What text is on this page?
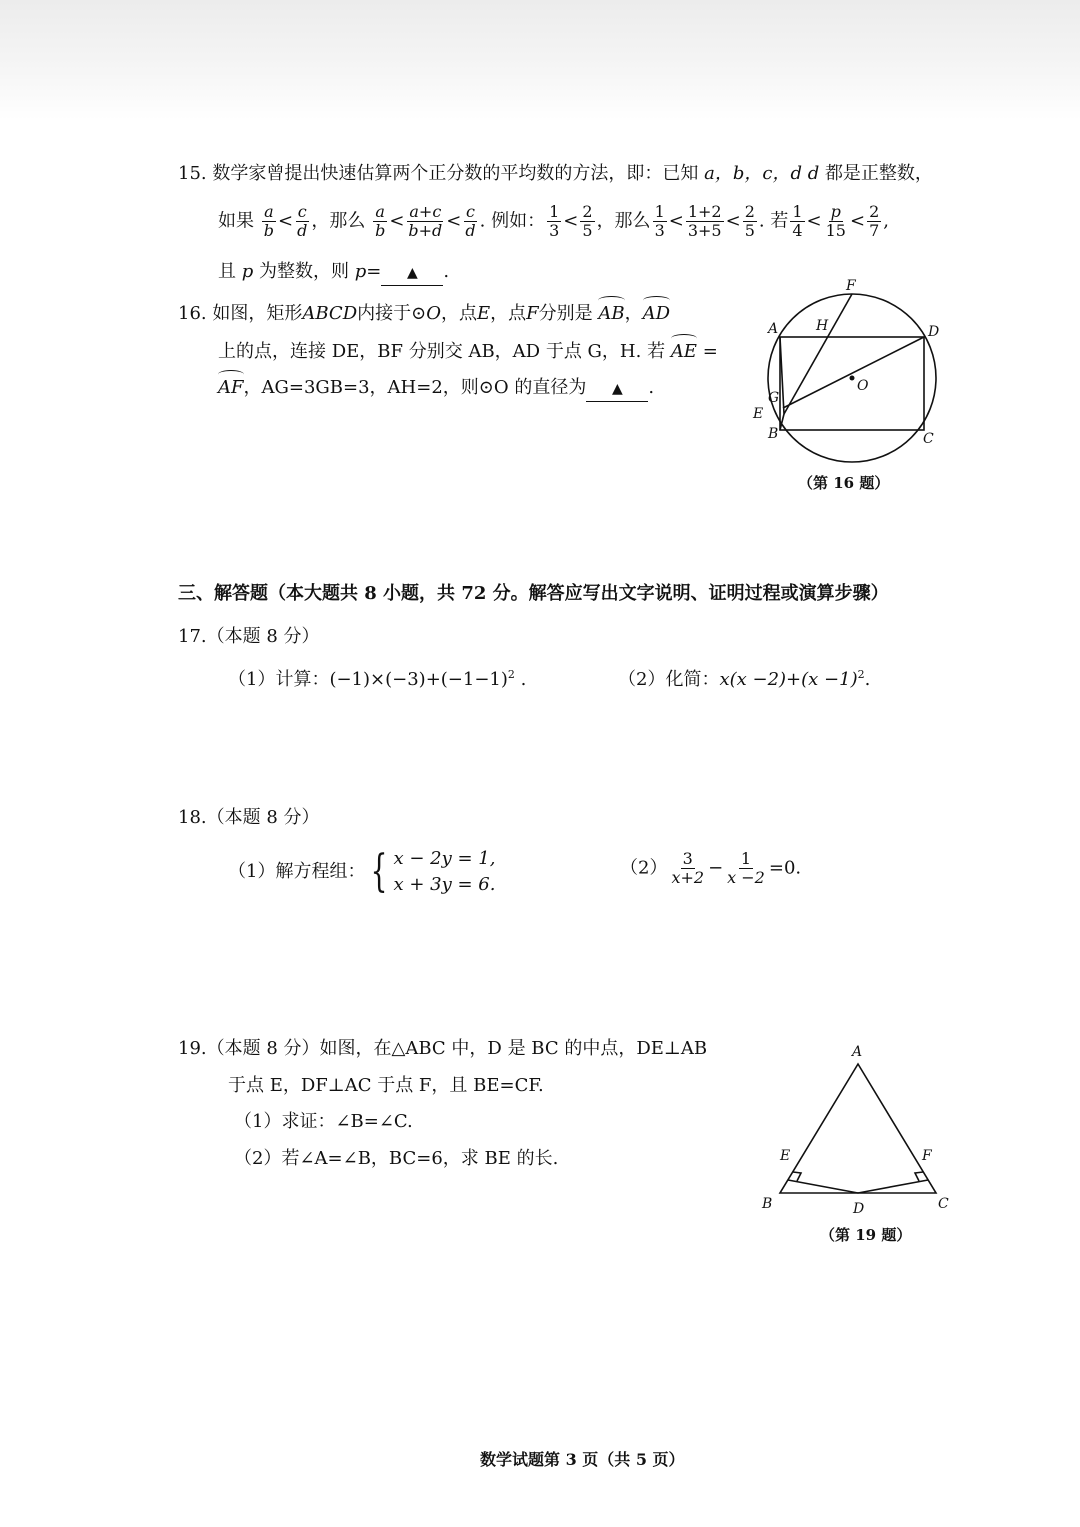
15. 数学家曾提出快速估算两个正分数的平均数的方法，即：已知 a，b，c，d d 都是正整数，
如果 $\frac{a}{b} < \frac{c}{d}$ ，那么 $\frac{a}{b} < \frac{a+c}{b+d} < \frac{c}{d}$ . 例如： $\frac{1}{3} < \frac{2}{5}$ ，那么 $\frac{1}{3} < \frac{1+2}{3+5} < \frac{2}{5}$ . 若 $\frac{1}{4} < \frac{p}{15} < \frac{2}{7}$ ,
且 p 为整数，则 p= ▲ .
16. 如图，矩形ABCD内接于⊙O，点E，点F分别是 AB，AD
上的点，连接 DE，BF 分别交 AB，AD 于点 G，H. 若 AE =
AF，AG=3GB=3，AH=2，则⊙O 的直径为 ▲ .
A
B	C
D
E
F
G
H
O
（第 16 题）
三、解答题（本大题共 8 小题，共 72 分。解答应写出文字说明、证明过程或演算步骤）
17.（本题 8 分）
（1）计算：$(-1)\times(-3)+(-1-1)^2$ .	（2）化简：$x(x -2)+(x -1)^2$.
18.（本题 8 分）
（1）解方程组： { x − 2y = 1,
x + 3y = 6.
$(2) \frac{3}{x+2} - \frac{1}{x -2} =0$.
19.（本题 8 分）如图，在△ABC 中，D 是 BC 的中点，DE⊥AB
于点 E，DF⊥AC 于点 F，且 BE=CF.
（1）求证：∠B=∠C.
（2）若∠A=∠B，BC=6，求 BE 的长.
A
B	C
D
E	F
（第 19 题）
数学试题第 3 页（共 5 页）
